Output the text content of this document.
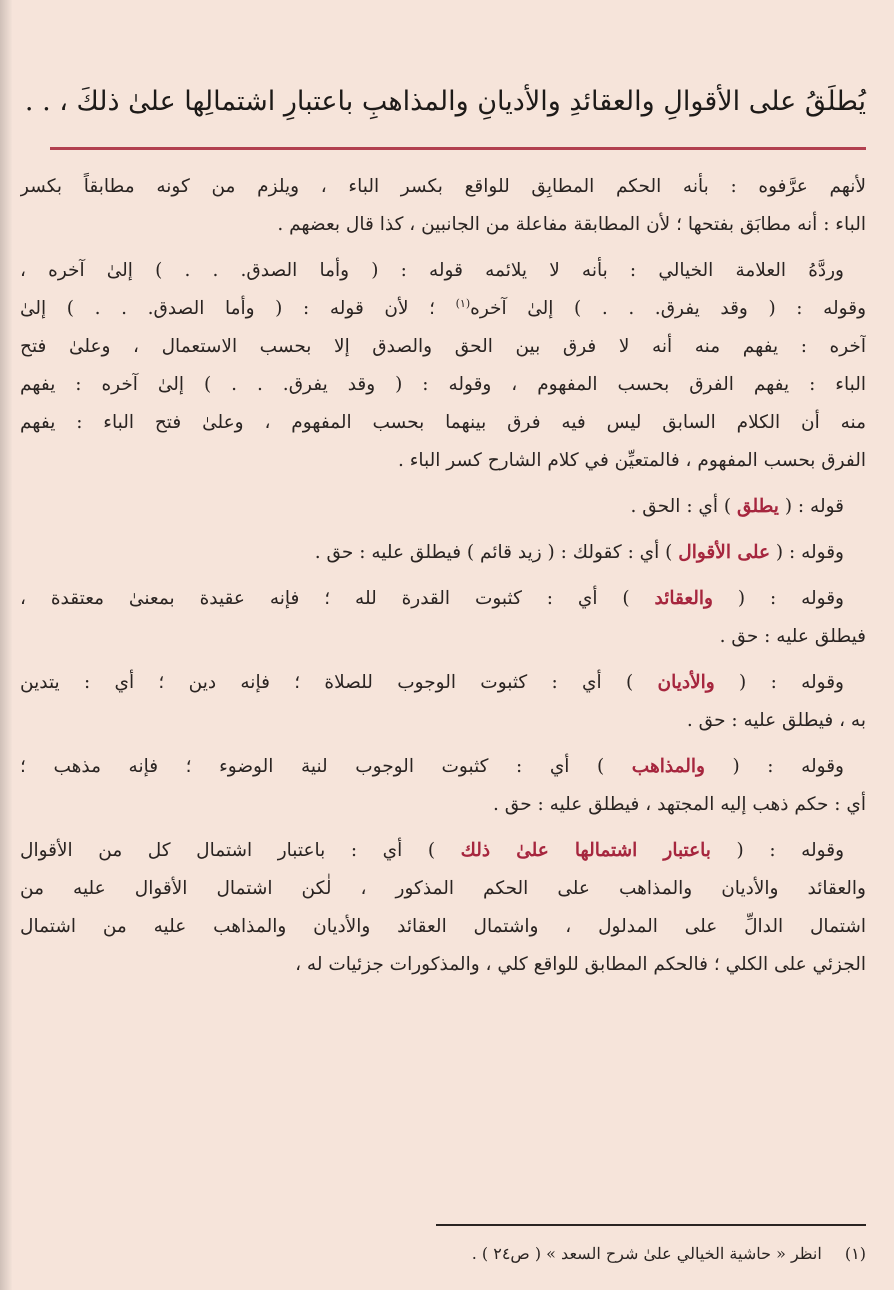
يُطلَقُ على الأقوالِ والعقائدِ والأديانِ والمذاهبِ باعتبارِ اشتمالِها علىٰ ذلكَ ، . .
لأنهم عرَّفوه : بأنه الحكم المطابِق للواقع بكسر الباء ، ويلزم من كونه مطابقاً بكسر
الباء : أنه مطابَق بفتحها ؛ لأن المطابقة مفاعلة من الجانبين ، كذا قال بعضهم .
وردَّهُ العلامة الخيالي : بأنه لا يلائمه قوله : ( وأما الصدق. . . ) إلىٰ آخره ،
وقوله : ( وقد يفرق. . . ) إلىٰ آخره$^{(١)}$ ؛ لأن قوله : ( وأما الصدق. . . ) إلىٰ
آخره : يفهم منه أنه لا فرق بين الحق والصدق إلا بحسب الاستعمال ، وعلىٰ فتح
الباء : يفهم الفرق بحسب المفهوم ، وقوله : ( وقد يفرق. . . ) إلىٰ آخره : يفهم
منه أن الكلام السابق ليس فيه فرق بينهما بحسب المفهوم ، وعلىٰ فتح الباء : يفهم
الفرق بحسب المفهوم ، فالمتعيِّن في كلام الشارح كسر الباء .
قوله : ( يطلق ) أي : الحق .
وقوله : ( على الأقوال ) أي : كقولك : ( زيد قائم ) فيطلق عليه : حق .
وقوله : ( والعقائد ) أي : كثبوت القدرة لله ؛ فإنه عقيدة بمعنىٰ معتقدة ،
فيطلق عليه : حق .
وقوله : ( والأديان ) أي : كثبوت الوجوب للصلاة ؛ فإنه دين ؛ أي : يتدين
به ، فيطلق عليه : حق .
وقوله : ( والمذاهب ) أي : كثبوت الوجوب لنية الوضوء ؛ فإنه مذهب ؛
أي : حكم ذهب إليه المجتهد ، فيطلق عليه : حق .
وقوله : ( باعتبار اشتمالها علىٰ ذلك ) أي : باعتبار اشتمال كل من الأقوال
والعقائد والأديان والمذاهب على الحكم المذكور ، لٰكن اشتمال الأقوال عليه من
اشتمال الدالِّ على المدلول ، واشتمال العقائد والأديان والمذاهب عليه من اشتمال
الجزئي على الكلي ؛ فالحكم المطابق للواقع كلي ، والمذكورات جزئيات له ،
(١) انظر « حاشية الخيالي علىٰ شرح السعد » ( ص٢٤ ) .
